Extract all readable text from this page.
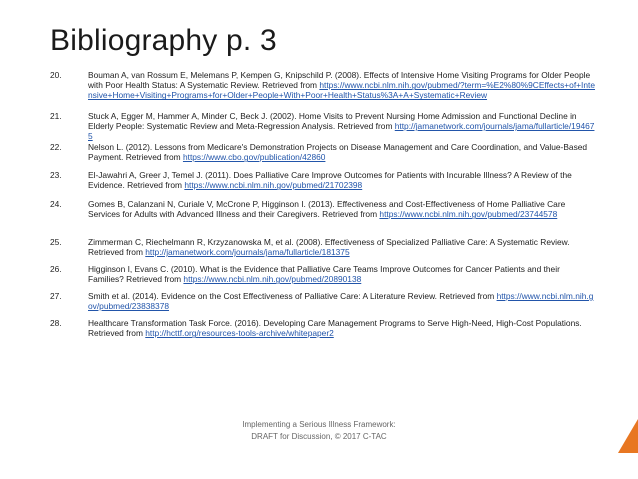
Bibliography p. 3
20.	Bouman A, van Rossum E, Melemans P, Kempen G, Knipschild P. (2008). Effects of Intensive Home Visiting Programs for Older People with Poor Health Status: A Systematic Review. Retrieved from https://www.ncbi.nlm.nih.gov/pubmed/?term=%E2%80%9CEffects+of+Intensive+Home+Visiting+Programs+for+Older+People+With+Poor+Health+Status%3A+A+Systematic+Review
21.	Stuck A, Egger M, Hammer A, Minder C, Beck J. (2002). Home Visits to Prevent Nursing Home Admission and Functional Decline in Elderly People: Systematic Review and Meta-Regression Analysis. Retrieved from http://jamanetwork.com/journals/jama/fullarticle/194675
22.	Nelson L. (2012). Lessons from Medicare's Demonstration Projects on Disease Management and Care Coordination, and Value-Based Payment. Retrieved from https://www.cbo.gov/publication/42860
23.	El-Jawahri A, Greer J, Temel J. (2011). Does Palliative Care Improve Outcomes for Patients with Incurable Illness? A Review of the Evidence. Retrieved from https://www.ncbi.nlm.nih.gov/pubmed/21702398
24.	Gomes B, Calanzani N, Curiale V, McCrone P, Higginson I. (2013). Effectiveness and Cost-Effectiveness of Home Palliative Care Services for Adults with Advanced Illness and their Caregivers. Retrieved from https://www.ncbi.nlm.nih.gov/pubmed/23744578
25.	Zimmerman C, Riechelmann R, Krzyzanowska M, et al. (2008). Effectiveness of Specialized Palliative Care: A Systematic Review. Retrieved from http://jamanetwork.com/journals/jama/fullarticle/181375
26.	Higginson I, Evans C. (2010). What is the Evidence that Palliative Care Teams Improve Outcomes for Cancer Patients and their Families? Retrieved from https://www.ncbi.nlm.nih.gov/pubmed/20890138
27.	Smith et al. (2014). Evidence on the Cost Effectiveness of Palliative Care: A Literature Review. Retrieved from https://www.ncbi.nlm.nih.gov/pubmed/23838378
28.	Healthcare Transformation Task Force. (2016). Developing Care Management Programs to Serve High-Need, High-Cost Populations. Retrieved from http://hcttf.org/resources-tools-archive/whitepaper2
Implementing a Serious Illness Framework:
DRAFT for Discussion, © 2017 C-TAC
